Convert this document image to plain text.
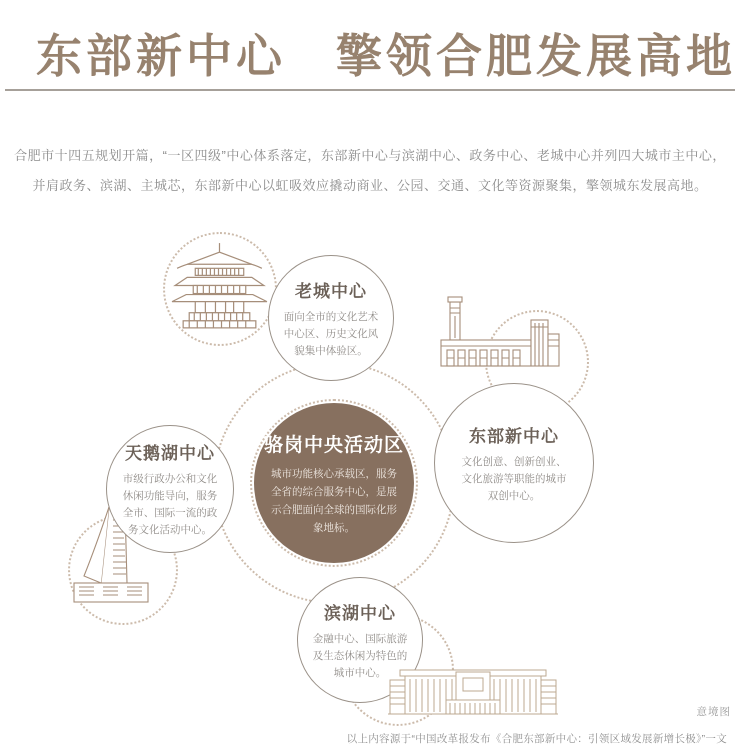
东部新中心　擎领合肥发展高地
合肥市十四五规划开篇，“一区四级”中心体系落定，东部新中心与滨湖中心、政务中心、老城中心并列四大城市主中心，
并肩政务、滨湖、主城芯，东部新中心以虹吸效应撬动商业、公园、交通、文化等资源聚集，擎领城东发展高地。
老城中心
面向全市的文化艺术中心区、历史文化风貌集中体验区。
东部新中心
文化创意、创新创业、文化旅游等职能的城市双创中心。
天鹅湖中心
市级行政办公和文化休闲功能导向，服务全市、国际一流的政务文化活动中心。
滨湖中心
金融中心、国际旅游及生态休闲为特色的城市中心。
骆岗中央活动区
城市功能核心承载区，服务全省的综合服务中心，是展示合肥面向全球的国际化形象地标。
意境图
以上内容源于“中国改革报发布《合肥东部新中心：引领区域发展新增长极》”一文
